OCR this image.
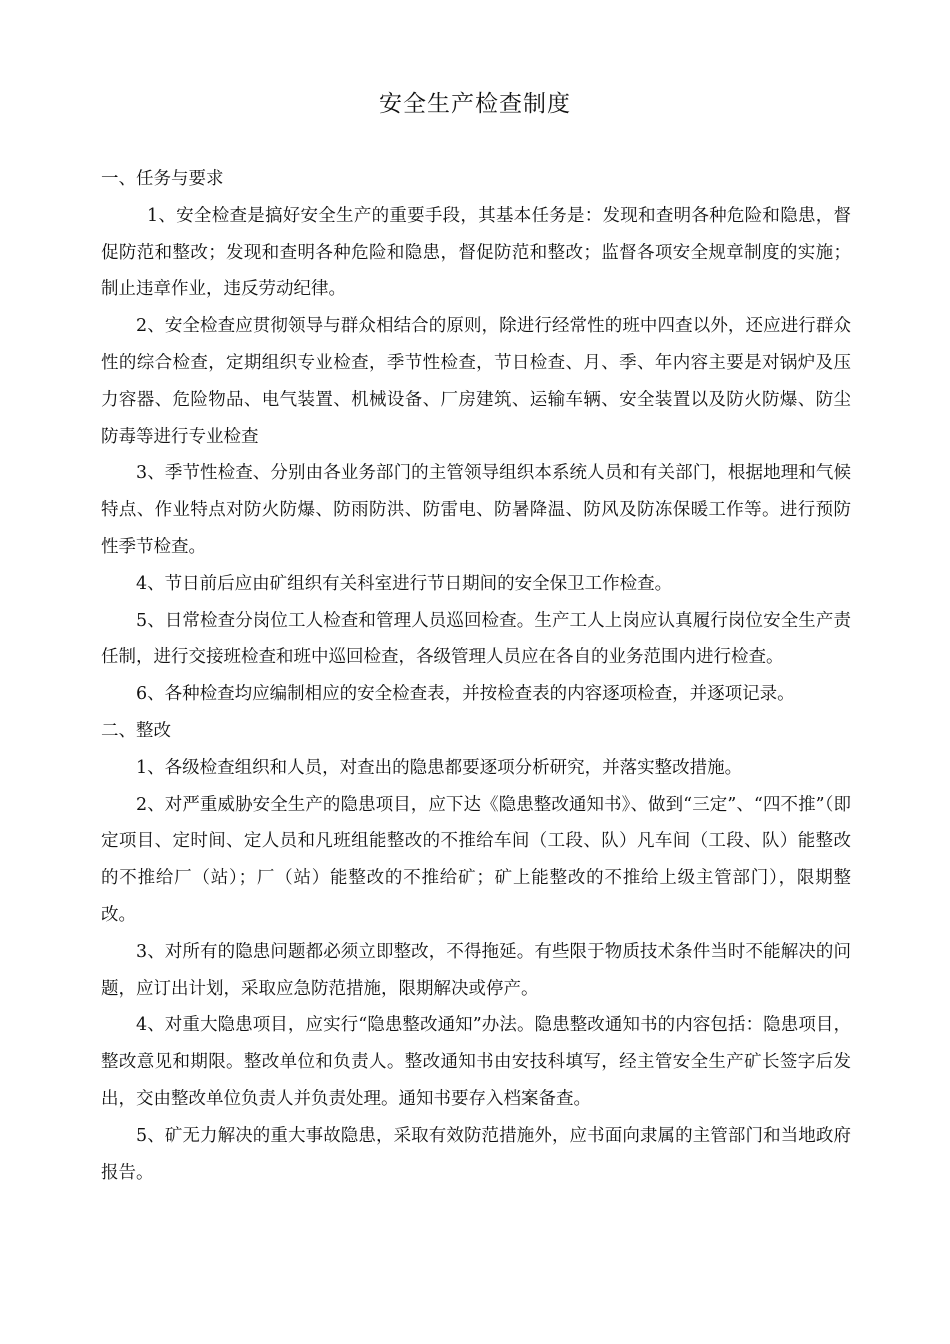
安全生产检查制度

一、任务与要求

1、安全检查是搞好安全生产的重要手段，其基本任务是：发现和查明各种危险和隐患，督促防范和整改；发现和查明各种危险和隐患，督促防范和整改；监督各项安全规章制度的实施；制止违章作业，违反劳动纪律。

2、安全检查应贯彻领导与群众相结合的原则，除进行经常性的班中四查以外，还应进行群众性的综合检查，定期组织专业检查，季节性检查，节日检查、月、季、年内容主要是对锅炉及压力容器、危险物品、电气装置、机械设备、厂房建筑、运输车辆、安全装置以及防火防爆、防尘防毒等进行专业检查

3、季节性检查、分别由各业务部门的主管领导组织本系统人员和有关部门，根据地理和气候特点、作业特点对防火防爆、防雨防洪、防雷电、防暑降温、防风及防冻保暖工作等。进行预防性季节检查。

4、节日前后应由矿组织有关科室进行节日期间的安全保卫工作检查。

5、日常检查分岗位工人检查和管理人员巡回检查。生产工人上岗应认真履行岗位安全生产责任制，进行交接班检查和班中巡回检查，各级管理人员应在各自的业务范围内进行检查。

6、各种检查均应编制相应的安全检查表，并按检查表的内容逐项检查，并逐项记录。

二、整改

1、各级检查组织和人员，对查出的隐患都要逐项分析研究，并落实整改措施。

2、对严重威胁安全生产的隐患项目，应下达《隐患整改通知书》、做到“三定”、“四不推”（即定项目、定时间、定人员和凡班组能整改的不推给车间（工段、队）凡车间（工段、队）能整改的不推给厂（站）；厂（站）能整改的不推给矿；矿上能整改的不推给上级主管部门），限期整改。

3、对所有的隐患问题都必须立即整改，不得拖延。有些限于物质技术条件当时不能解决的问题，应订出计划，采取应急防范措施，限期解决或停产。

4、对重大隐患项目，应实行“隐患整改通知”办法。隐患整改通知书的内容包括：隐患项目，整改意见和期限。整改单位和负责人。整改通知书由安技科填写，经主管安全生产矿长签字后发出，交由整改单位负责人并负责处理。通知书要存入档案备查。

5、矿无力解决的重大事故隐患，采取有效防范措施外，应书面向隶属的主管部门和当地政府报告。
